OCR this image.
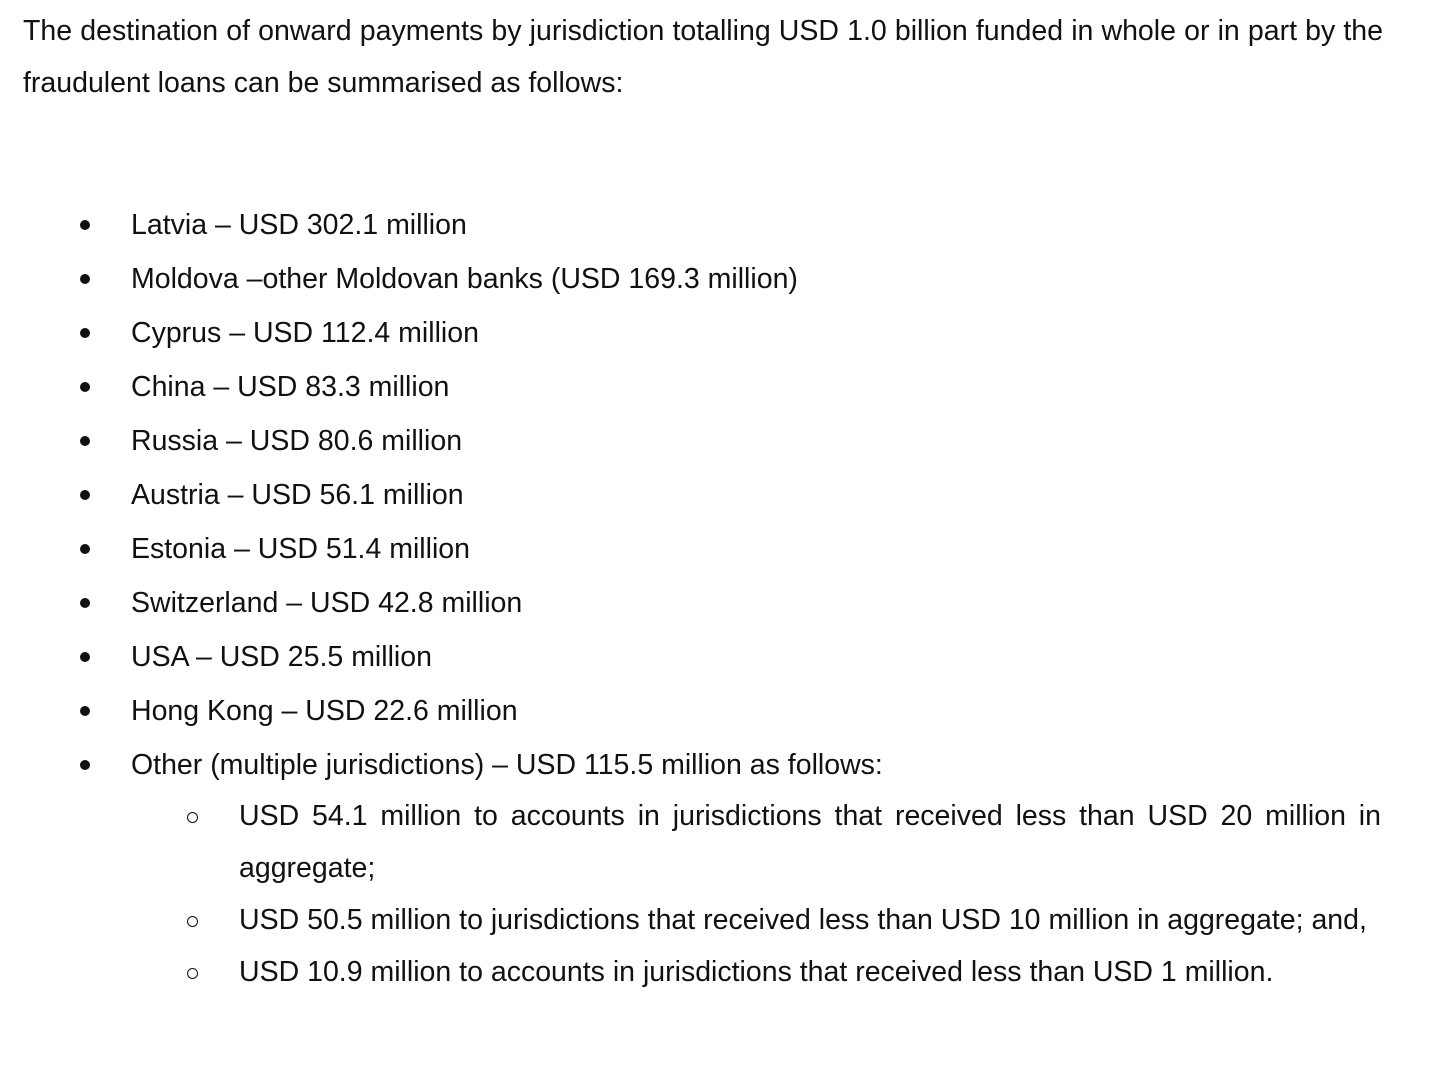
The destination of onward payments by jurisdiction totalling USD 1.0 billion funded in whole or in part by the fraudulent loans can be summarised as follows:

Latvia – USD 302.1 million
Moldova –other Moldovan banks (USD 169.3 million)
Cyprus – USD 112.4 million
China – USD 83.3 million
Russia – USD 80.6 million
Austria – USD 56.1 million
Estonia – USD 51.4 million
Switzerland – USD 42.8 million
USA – USD 25.5 million
Hong Kong – USD 22.6 million
Other (multiple jurisdictions) – USD 115.5 million as follows:
USD 54.1 million to accounts in jurisdictions that received less than USD 20 million in aggregate;
USD 50.5 million to jurisdictions that received less than USD 10 million in aggregate; and,
USD 10.9 million to accounts in jurisdictions that received less than USD 1 million.
